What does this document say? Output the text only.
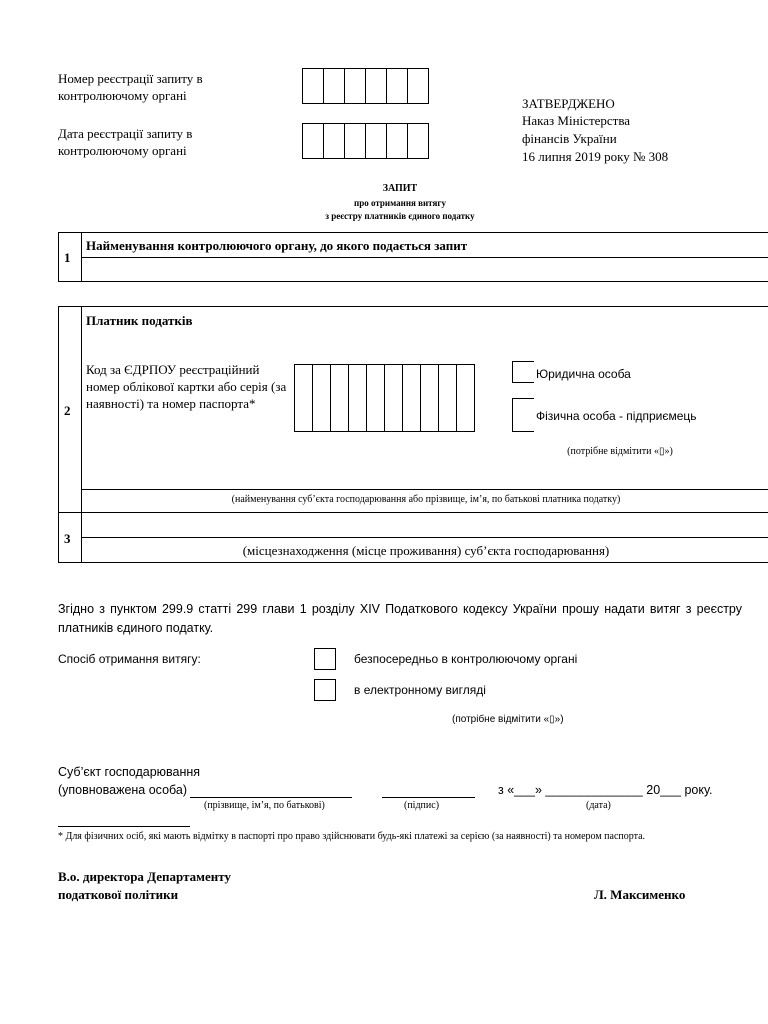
Номер реєстрації запиту в контролюючому органі
Дата реєстрації запиту в контролюючому органі
ЗАТВЕРДЖЕНО
Наказ Міністерства
фінансів України
16 липня 2019 року № 308
ЗАПИТ
про отримання витягу
з реєстру платників єдиного податку
1
Найменування контролюючого органу, до якого подається запит
2
Платник податків
Код за ЄДРПОУ реєстраційний номер облікової картки або серія (за наявності) та номер паспорта*
Юридична особа
Фізична особа - підприємець
(потрібне відмітити «▯»)
(найменування суб’єкта господарювання або прізвище, ім’я, по батькові платника податку)
3
(місцезнаходження (місце проживання) суб’єкта господарювання)
Згідно з пунктом 299.9 статті 299 глави 1 розділу XIV Податкового кодексу України прошу надати витяг з реєстру платників єдиного податку.
Спосіб отримання витягу:	безпосередньо в контролюючому органі
в електронному вигляді
(потрібне відмітити «▯»)
Суб’єкт господарювання
(уповноважена особа)	з «___» ______________ 20___ року.
(прізвище, ім’я, по батькові)	(підпис)	(дата)
* Для фізичних осіб, які мають відмітку в паспорті про право здійснювати будь-які платежі за серією (за наявності) та номером паспорта.
В.о. директора Департаменту
податкової політики	Л. Максименко
